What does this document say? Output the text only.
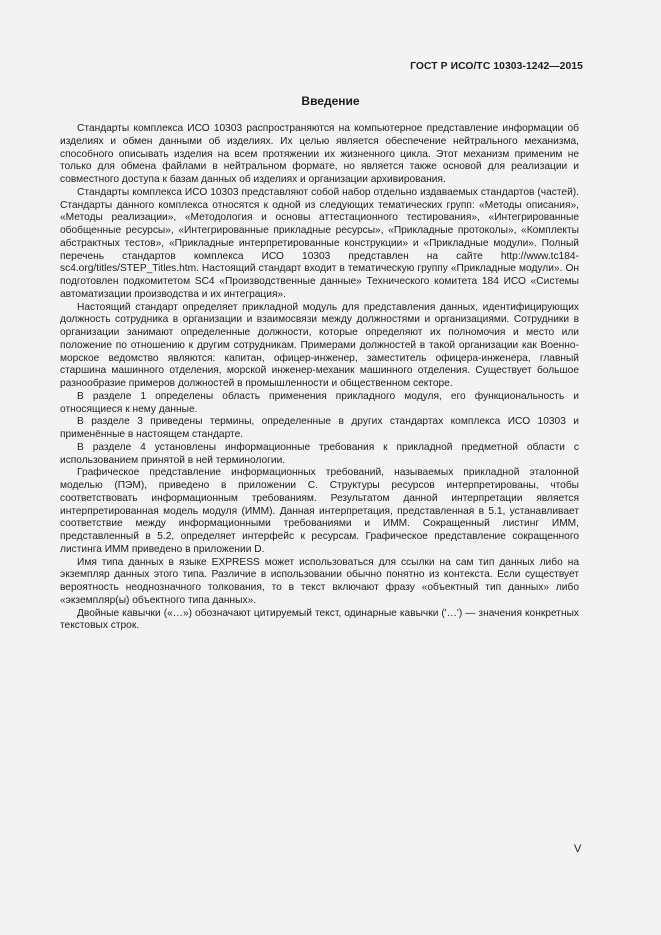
ГОСТ Р ИСО/ТС 10303-1242—2015
Введение

Стандарты комплекса ИСО 10303 распространяются на компьютерное представление информации об изделиях и обмен данными об изделиях. Их целью является обеспечение нейтрального механизма, способного описывать изделия на всем протяжении их жизненного цикла. Этот механизм применим не только для обмена файлами в нейтральном формате, но является также основой для реализации и совместного доступа к базам данных об изделиях и организации архивирования.

Стандарты комплекса ИСО 10303 представляют собой набор отдельно издаваемых стандартов (частей). Стандарты данного комплекса относятся к одной из следующих тематических групп: «Методы описания», «Методы реализации», «Методология и основы аттестационного тестирования», «Интегрированные обобщенные ресурсы», «Интегрированные прикладные ресурсы», «Прикладные протоколы», «Комплекты абстрактных тестов», «Прикладные интерпретированные конструкции» и «Прикладные модули». Полный перечень стандартов комплекса ИСО 10303 представлен на сайте http://www.tc184-sc4.org/titles/STEP_Titles.htm. Настоящий стандарт входит в тематическую группу «Прикладные модули». Он подготовлен подкомитетом SC4 «Производственные данные» Технического комитета 184 ИСО «Системы автоматизации производства и их интеграция».

Настоящий стандарт определяет прикладной модуль для представления данных, идентифицирующих должность сотрудника в организации и взаимосвязи между должностями и организациями. Сотрудники в организации занимают определенные должности, которые определяют их полномочия и место или положение по отношению к другим сотрудникам. Примерами должностей в такой организации как Военно-морское ведомство являются: капитан, офицер-инженер, заместитель офицера-инженера, главный старшина машинного отделения, морской инженер-механик машинного отделения. Существует большое разнообразие примеров должностей в промышленности и общественном секторе.

В разделе 1 определены область применения прикладного модуля, его функциональность и относящиеся к нему данные.

В разделе 3 приведены термины, определенные в других стандартах комплекса ИСО 10303 и применённые в настоящем стандарте.

В разделе 4 установлены информационные требования к прикладной предметной области с использованием принятой в ней терминологии.

Графическое представление информационных требований, называемых прикладной эталонной моделью (ПЭМ), приведено в приложении С. Структуры ресурсов интерпретированы, чтобы соответствовать информационным требованиям. Результатом данной интерпретации является интерпретированная модель модуля (ИММ). Данная интерпретация, представленная в 5.1, устанавливает соответствие между информационными требованиями и ИММ. Сокращенный листинг ИММ, представленный в 5.2, определяет интерфейс к ресурсам. Графическое представление сокращенного листинга ИММ приведено в приложении D.

Имя типа данных в языке EXPRESS может использоваться для ссылки на сам тип данных либо на экземпляр данных этого типа. Различие в использовании обычно понятно из контекста. Если существует вероятность неоднозначного толкования, то в текст включают фразу «объектный тип данных» либо «экземпляр(ы) объектного типа данных».

Двойные кавычки («…») обозначают цитируемый текст, одинарные кавычки ('…') — значения конкретных текстовых строк.

V
